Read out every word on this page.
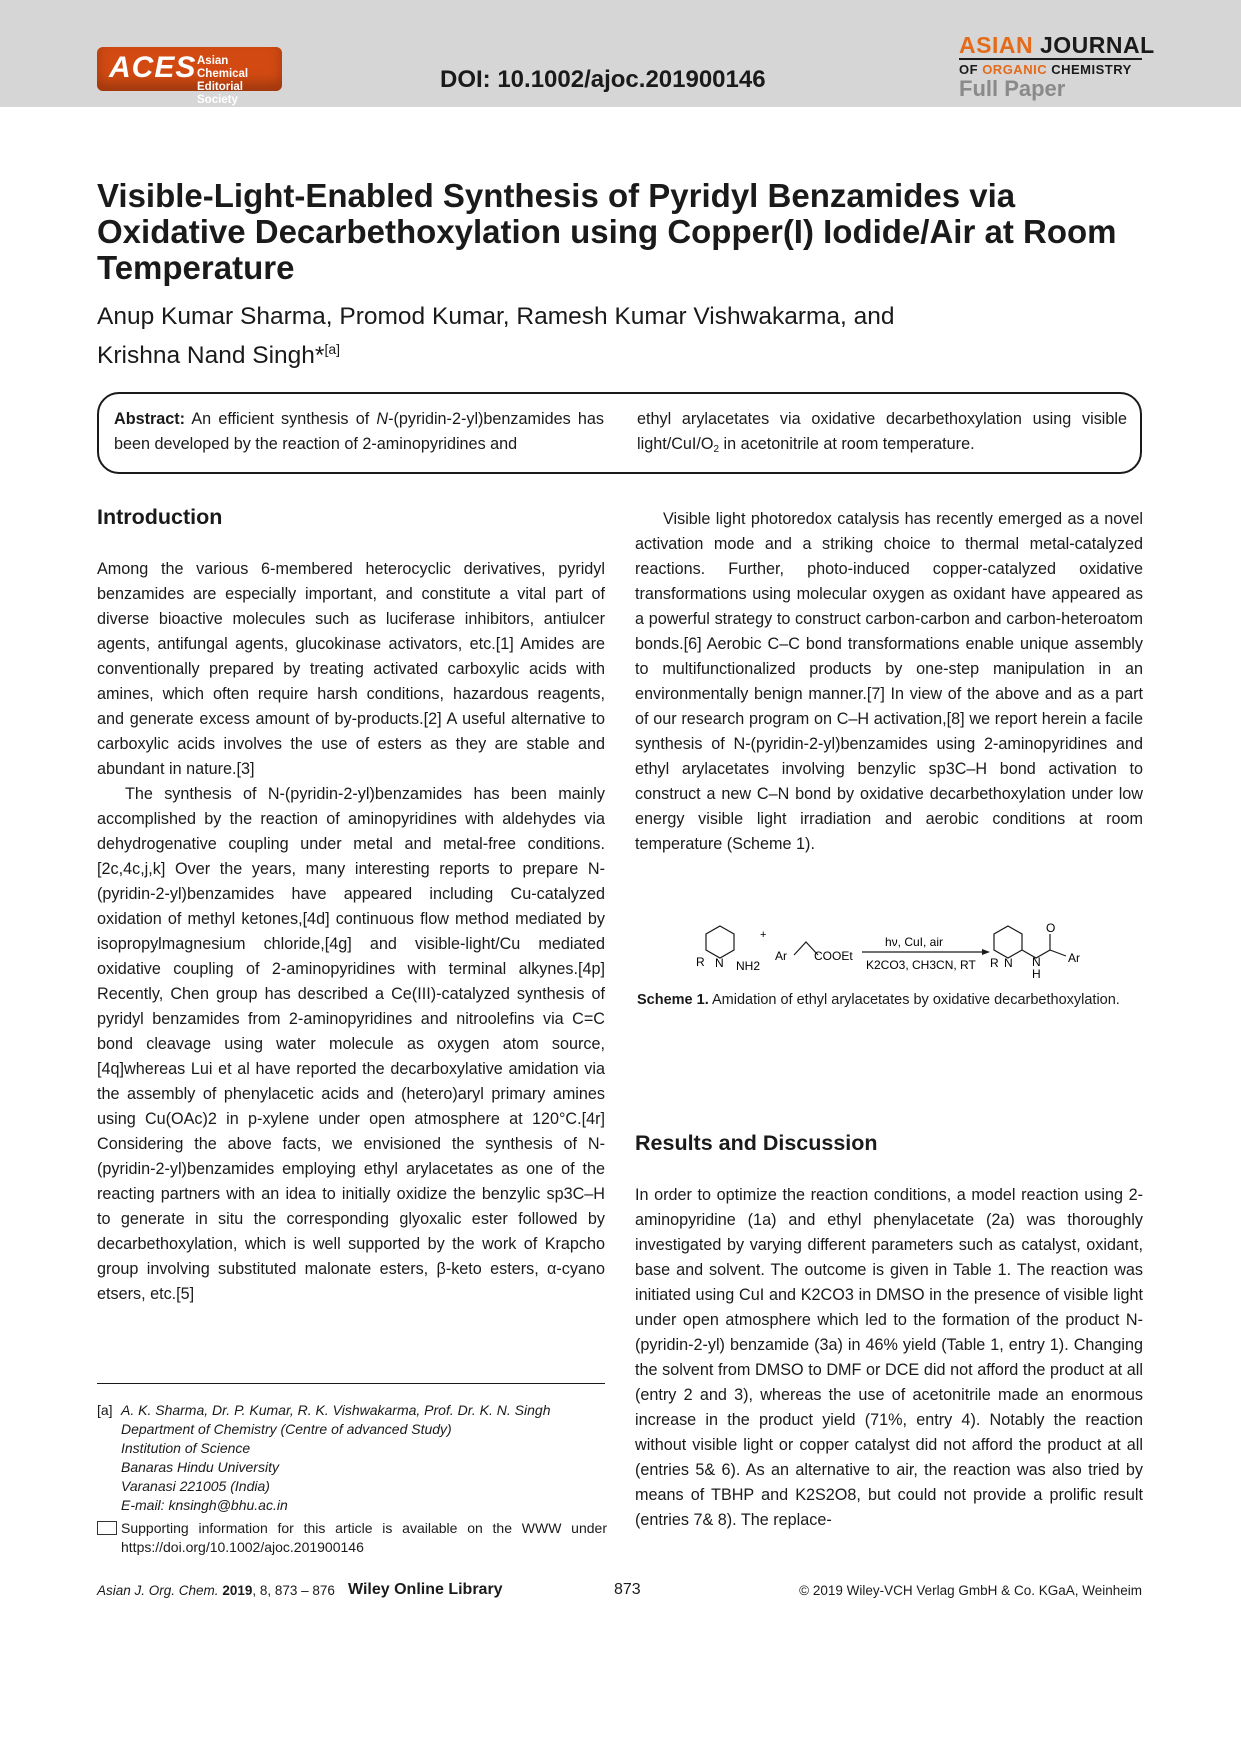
ACES Asian Chemical Editorial Society
DOI: 10.1002/ajoc.201900146
ASIAN JOURNAL
OF ORGANIC CHEMISTRY
Full Paper
Visible-Light-Enabled Synthesis of Pyridyl Benzamides via Oxidative Decarbethoxylation using Copper(I) Iodide/Air at Room Temperature
Anup Kumar Sharma, Promod Kumar, Ramesh Kumar Vishwakarma, and
Krishna Nand Singh*[a]
Abstract: An efficient synthesis of N-(pyridin-2-yl)benzamides has been developed by the reaction of 2-aminopyridines and
ethyl arylacetates via oxidative decarbethoxylation using visible light/$CuI/O_2$ in acetonitrile at room temperature.
Introduction
Among the various 6-membered heterocyclic derivatives, pyridyl benzamides are especially important, and constitute a vital part of diverse bioactive molecules such as luciferase inhibitors, antiulcer agents, antifungal agents, glucokinase activators, etc.[1] Amides are conventionally prepared by treating activated carboxylic acids with amines, which often require harsh conditions, hazardous reagents, and generate excess amount of by-products.[2] A useful alternative to carboxylic acids involves the use of esters as they are stable and abundant in nature.[3]
The synthesis of N-(pyridin-2-yl)benzamides has been mainly accomplished by the reaction of aminopyridines with aldehydes via dehydrogenative coupling under metal and metal-free conditions.[2c,4c,j,k] Over the years, many interesting reports to prepare N-(pyridin-2-yl)benzamides have appeared including Cu-catalyzed oxidation of methyl ketones,[4d] continuous flow method mediated by isopropylmagnesium chloride,[4g] and visible-light/Cu mediated oxidative coupling of 2-aminopyridines with terminal alkynes.[4p] Recently, Chen group has described a Ce(III)-catalyzed synthesis of pyridyl benzamides from 2-aminopyridines and nitroolefins via C=C bond cleavage using water molecule as oxygen atom source,[4q]whereas Lui et al have reported the decarboxylative amidation via the assembly of phenylacetic acids and (hetero)aryl primary amines using Cu(OAc)2 in p-xylene under open atmosphere at 120°C.[4r] Considering the above facts, we envisioned the synthesis of N-(pyridin-2-yl)benzamides employing ethyl arylacetates as one of the reacting partners with an idea to initially oxidize the benzylic sp3C–H to generate in situ the corresponding glyoxalic ester followed by decarbethoxylation, which is well supported by the work of Krapcho group involving substituted malonate esters, β-keto esters, α-cyano etsers, etc.[5]
Visible light photoredox catalysis has recently emerged as a novel activation mode and a striking choice to thermal metal-catalyzed reactions. Further, photo-induced copper-catalyzed oxidative transformations using molecular oxygen as oxidant have appeared as a powerful strategy to construct carbon-carbon and carbon-heteroatom bonds.[6] Aerobic C–C bond transformations enable unique assembly to multifunctionalized products by one-step manipulation in an environmentally benign manner.[7] In view of the above and as a part of our research program on C–H activation,[8] we report herein a facile synthesis of N-(pyridin-2-yl)benzamides using 2-aminopyridines and ethyl arylacetates involving benzylic sp3C–H bond activation to construct a new C–N bond by oxidative decarbethoxylation under low energy visible light irradiation and aerobic conditions at room temperature (Scheme 1).
R N NH2
+
Ar COOEt
hν, CuI, air
K2CO3, CH3CN, RT R N N
H
O
Ar
Scheme 1. Amidation of ethyl arylacetates by oxidative decarbethoxylation.
Results and Discussion
In order to optimize the reaction conditions, a model reaction using 2-aminopyridine (1a) and ethyl phenylacetate (2a) was thoroughly investigated by varying different parameters such as catalyst, oxidant, base and solvent. The outcome is given in Table 1. The reaction was initiated using CuI and K2CO3 in DMSO in the presence of visible light under open atmosphere which led to the formation of the product N-(pyridin-2-yl) benzamide (3a) in 46% yield (Table 1, entry 1). Changing the solvent from DMSO to DMF or DCE did not afford the product at all (entry 2 and 3), whereas the use of acetonitrile made an enormous increase in the product yield (71%, entry 4). Notably the reaction without visible light or copper catalyst did not afford the product at all (entries 5& 6). As an alternative to air, the reaction was also tried by means of TBHP and K2S2O8, but could not provide a prolific result (entries 7& 8). The replace-
[a] A. K. Sharma, Dr. P. Kumar, R. K. Vishwakarma, Prof. Dr. K. N. Singh
Department of Chemistry (Centre of advanced Study)
Institution of Science
Banaras Hindu University
Varanasi 221005 (India)
E-mail: knsingh@bhu.ac.in
Supporting information for this article is available on the WWW under https://doi.org/10.1002/ajoc.201900146
Asian J. Org. Chem. 2019, 8, 873 – 876 Wiley Online Library	873	© 2019 Wiley-VCH Verlag GmbH & Co. KGaA, Weinheim
